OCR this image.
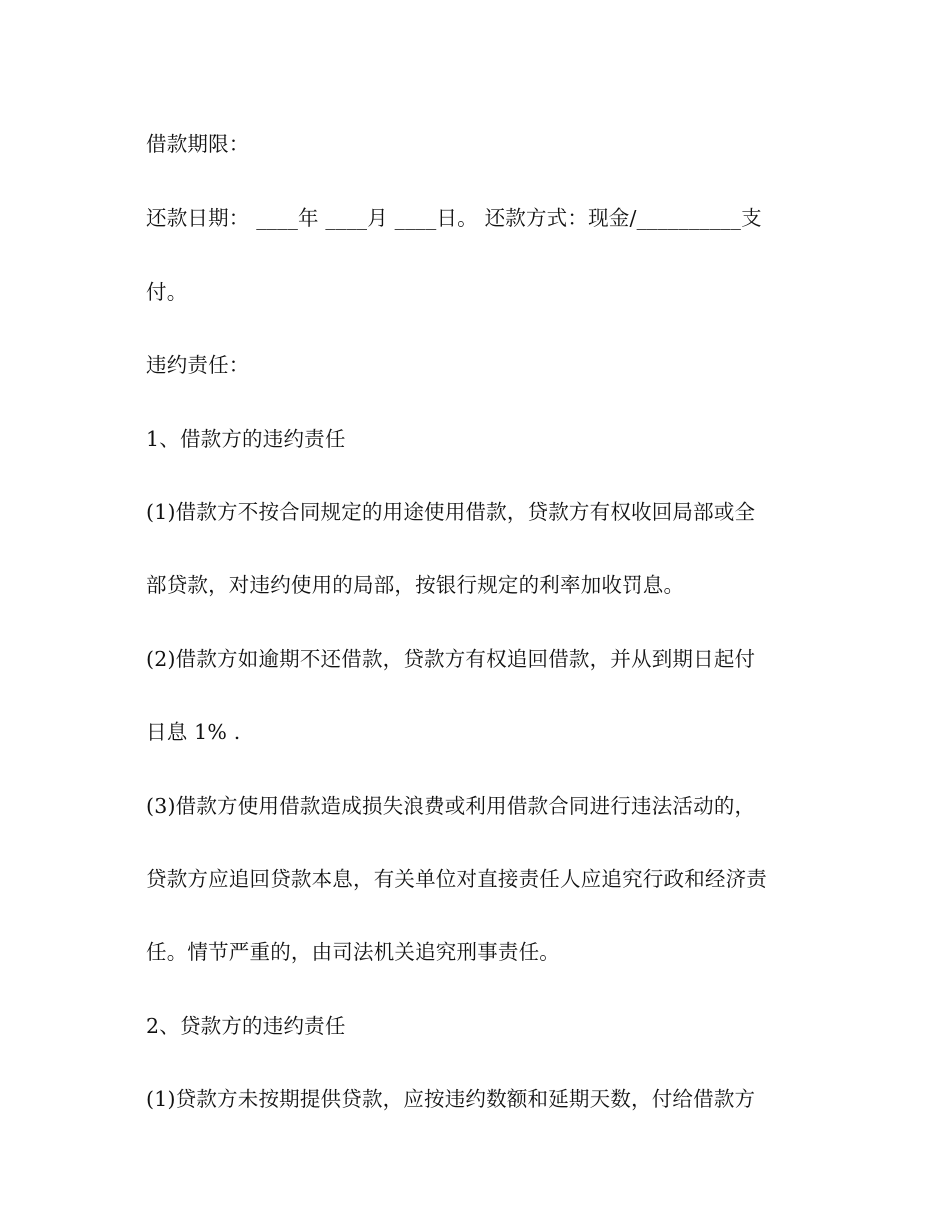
借款期限：
还款日期： ____年 ____月 ____日。 还款方式：现金/__________支
付。
违约责任：
1、借款方的违约责任
(1)借款方不按合同规定的用途使用借款，贷款方有权收回局部或全
部贷款，对违约使用的局部，按银行规定的利率加收罚息。
(2)借款方如逾期不还借款，贷款方有权追回借款，并从到期日起付
日息 1% .
(3)借款方使用借款造成损失浪费或利用借款合同进行违法活动的，
贷款方应追回贷款本息，有关单位对直接责任人应追究行政和经济责
任。情节严重的，由司法机关追究刑事责任。
2、贷款方的违约责任
(1)贷款方未按期提供贷款，应按违约数额和延期天数，付给借款方
